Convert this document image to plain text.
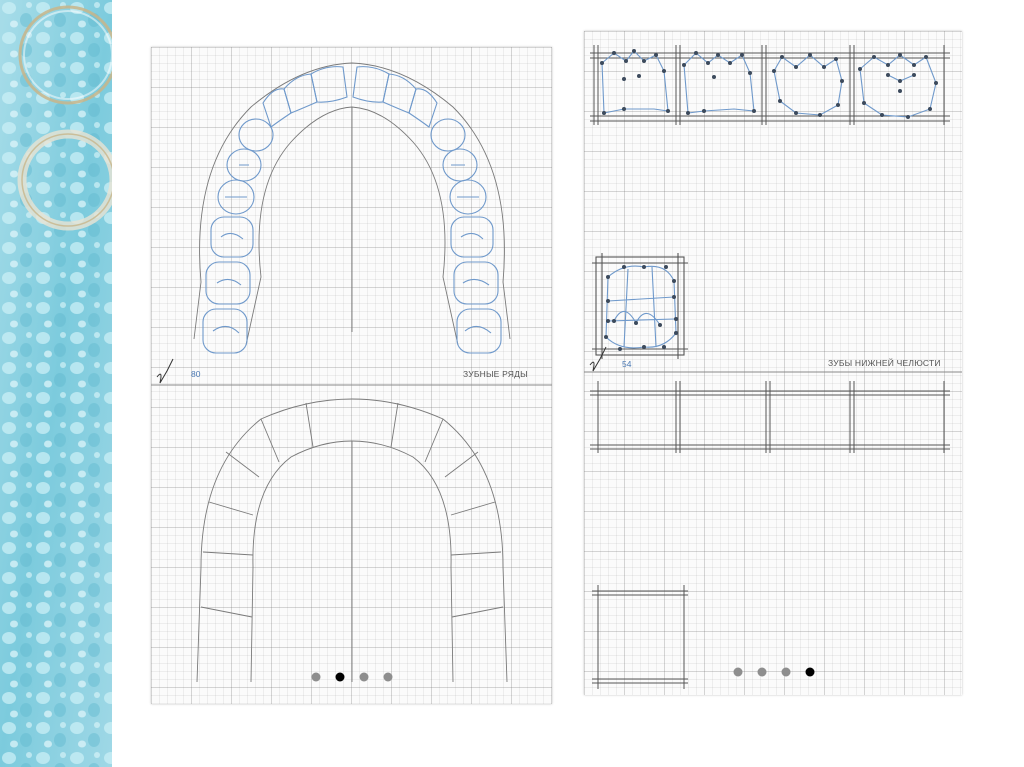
80	ЗУБНЫЕ РЯДЫ
54	ЗУБЫ НИЖНЕЙ ЧЕЛЮСТИ
